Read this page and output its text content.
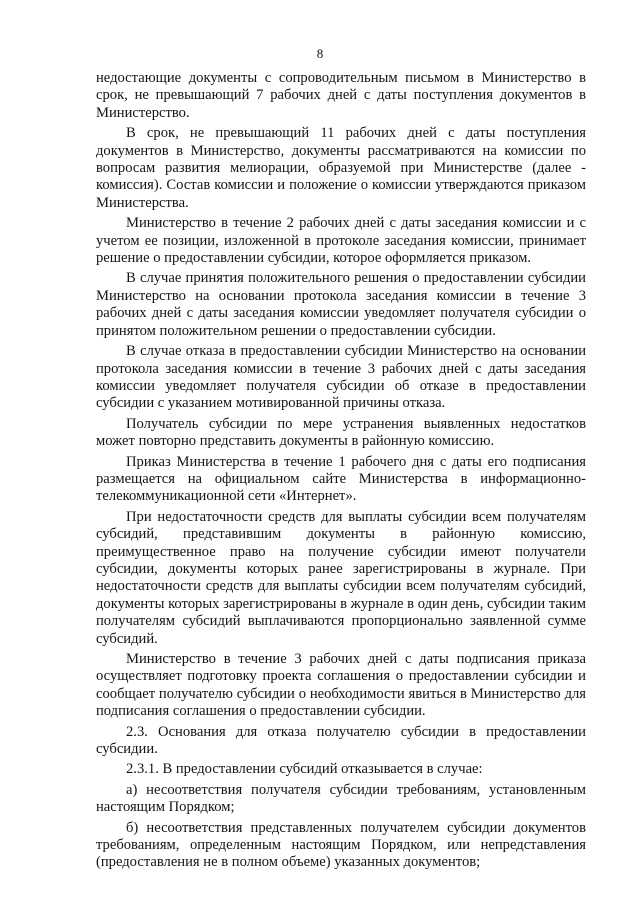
8

недостающие документы с сопроводительным письмом в Министерство в срок, не превышающий 7 рабочих дней с даты поступления документов в Министерство.

В срок, не превышающий 11 рабочих дней с даты поступления документов в Министерство, документы рассматриваются на комиссии по вопросам развития мелиорации, образуемой при Министерстве (далее - комиссия). Состав комиссии и положение о комиссии утверждаются приказом Министерства.

Министерство в течение 2 рабочих дней с даты заседания комиссии и с учетом ее позиции, изложенной в протоколе заседания комиссии, принимает решение о предоставлении субсидии, которое оформляется приказом.

В случае принятия положительного решения о предоставлении субсидии Министерство на основании протокола заседания комиссии в течение 3 рабочих дней с даты заседания комиссии уведомляет получателя субсидии о принятом положительном решении о предоставлении субсидии.

В случае отказа в предоставлении субсидии Министерство на основании протокола заседания комиссии в течение 3 рабочих дней с даты заседания комиссии уведомляет получателя субсидии об отказе в предоставлении субсидии с указанием мотивированной причины отказа.

Получатель субсидии по мере устранения выявленных недостатков может повторно представить документы в районную комиссию.

Приказ Министерства в течение 1 рабочего дня с даты его подписания размещается на официальном сайте Министерства в информационно-телекоммуникационной сети «Интернет».

При недостаточности средств для выплаты субсидии всем получателям субсидий, представившим документы в районную комиссию, преимущественное право на получение субсидии имеют получатели субсидии, документы которых ранее зарегистрированы в журнале. При недостаточности средств для выплаты субсидии всем получателям субсидий, документы которых зарегистрированы в журнале в один день, субсидии таким получателям субсидий выплачиваются пропорционально заявленной сумме субсидий.

Министерство в течение 3 рабочих дней с даты подписания приказа осуществляет подготовку проекта соглашения о предоставлении субсидии и сообщает получателю субсидии о необходимости явиться в Министерство для подписания соглашения о предоставлении субсидии.

2.3. Основания для отказа получателю субсидии в предоставлении субсидии.

2.3.1. В предоставлении субсидий отказывается в случае:

а) несоответствия получателя субсидии требованиям, установленным настоящим Порядком;

б) несоответствия представленных получателем субсидии документов требованиям, определенным настоящим Порядком, или непредставления (предоставления не в полном объеме) указанных документов;
